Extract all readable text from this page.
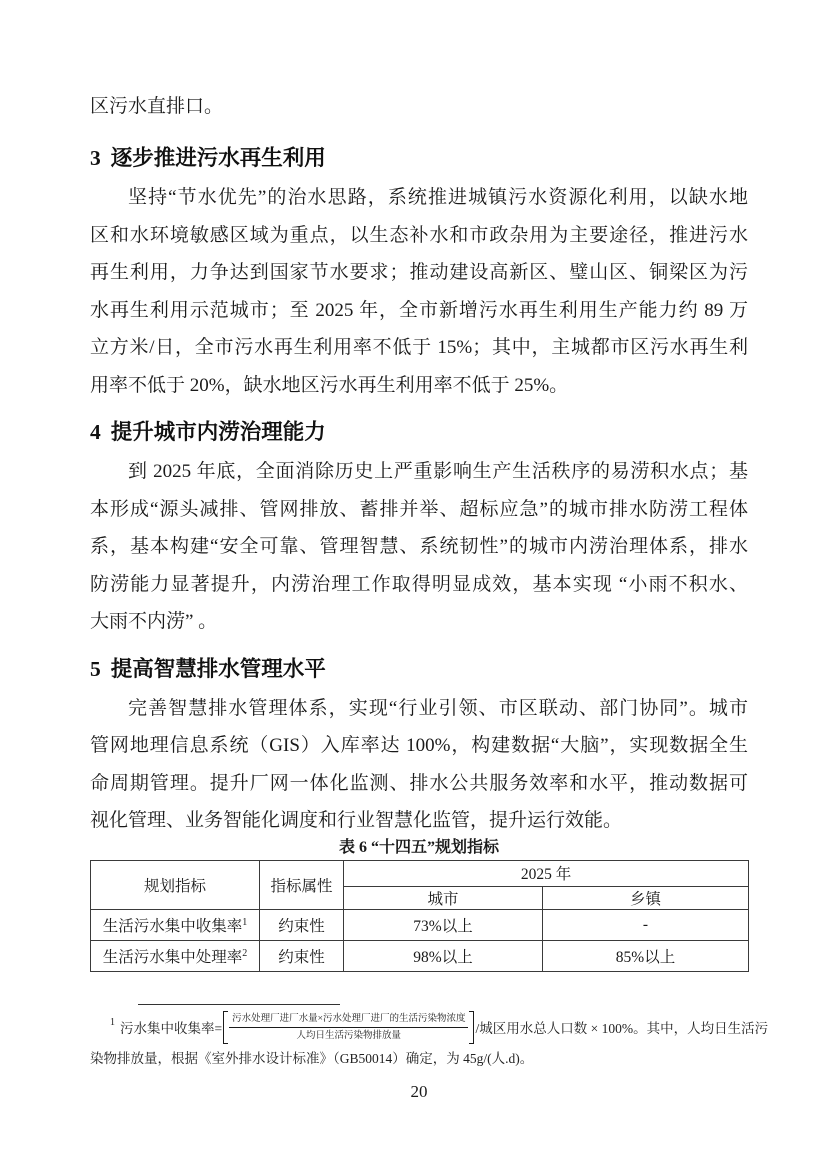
区污水直排口。
3 逐步推进污水再生利用
坚持“节水优先”的治水思路，系统推进城镇污水资源化利用，以缺水地
区和水环境敏感区域为重点，以生态补水和市政杂用为主要途径，推进污水
再生利用，力争达到国家节水要求；推动建设高新区、璧山区、铜梁区为污
水再生利用示范城市；至 2025 年，全市新增污水再生利用生产能力约 89 万
立方米/日，全市污水再生利用率不低于 15%；其中，主城都市区污水再生利
用率不低于 20%，缺水地区污水再生利用率不低于 25%。
4 提升城市内涝治理能力
到 2025 年底，全面消除历史上严重影响生产生活秩序的易涝积水点；基
本形成“源头减排、管网排放、蓄排并举、超标应急”的城市排水防涝工程体
系，基本构建“安全可靠、管理智慧、系统韧性”的城市内涝治理体系，排水
防涝能力显著提升，内涝治理工作取得明显成效，基本实现 “小雨不积水、
大雨不内涝” 。
5 提高智慧排水管理水平
完善智慧排水管理体系，实现“行业引领、市区联动、部门协同”。城市
管网地理信息系统（GIS）入库率达 100%，构建数据“大脑”，实现数据全生
命周期管理。提升厂网一体化监测、排水公共服务效率和水平，推动数据可
视化管理、业务智能化调度和行业智慧化监管，提升运行效能。

表 6 “十四五”规划指标

规划指标	指标属性	2025 年	
		城市	乡镇
生活污水集中收集率$^1$	约束性	73%以上	-
生活污水集中处理率$^2$	约束性	98%以上	85%以上
1 污水集中收集率= $\frac{\text{污水处理厂进厂水量×污水处理厂进厂的生活污染物浓度}}{\text{人均日生活污染物排放量}}$ /城区用水总人口数 × 100%。其中，人均日生活污
染物排放量，根据《室外排水设计标准》（GB50014）确定，为 45g/(人.d)。
20
